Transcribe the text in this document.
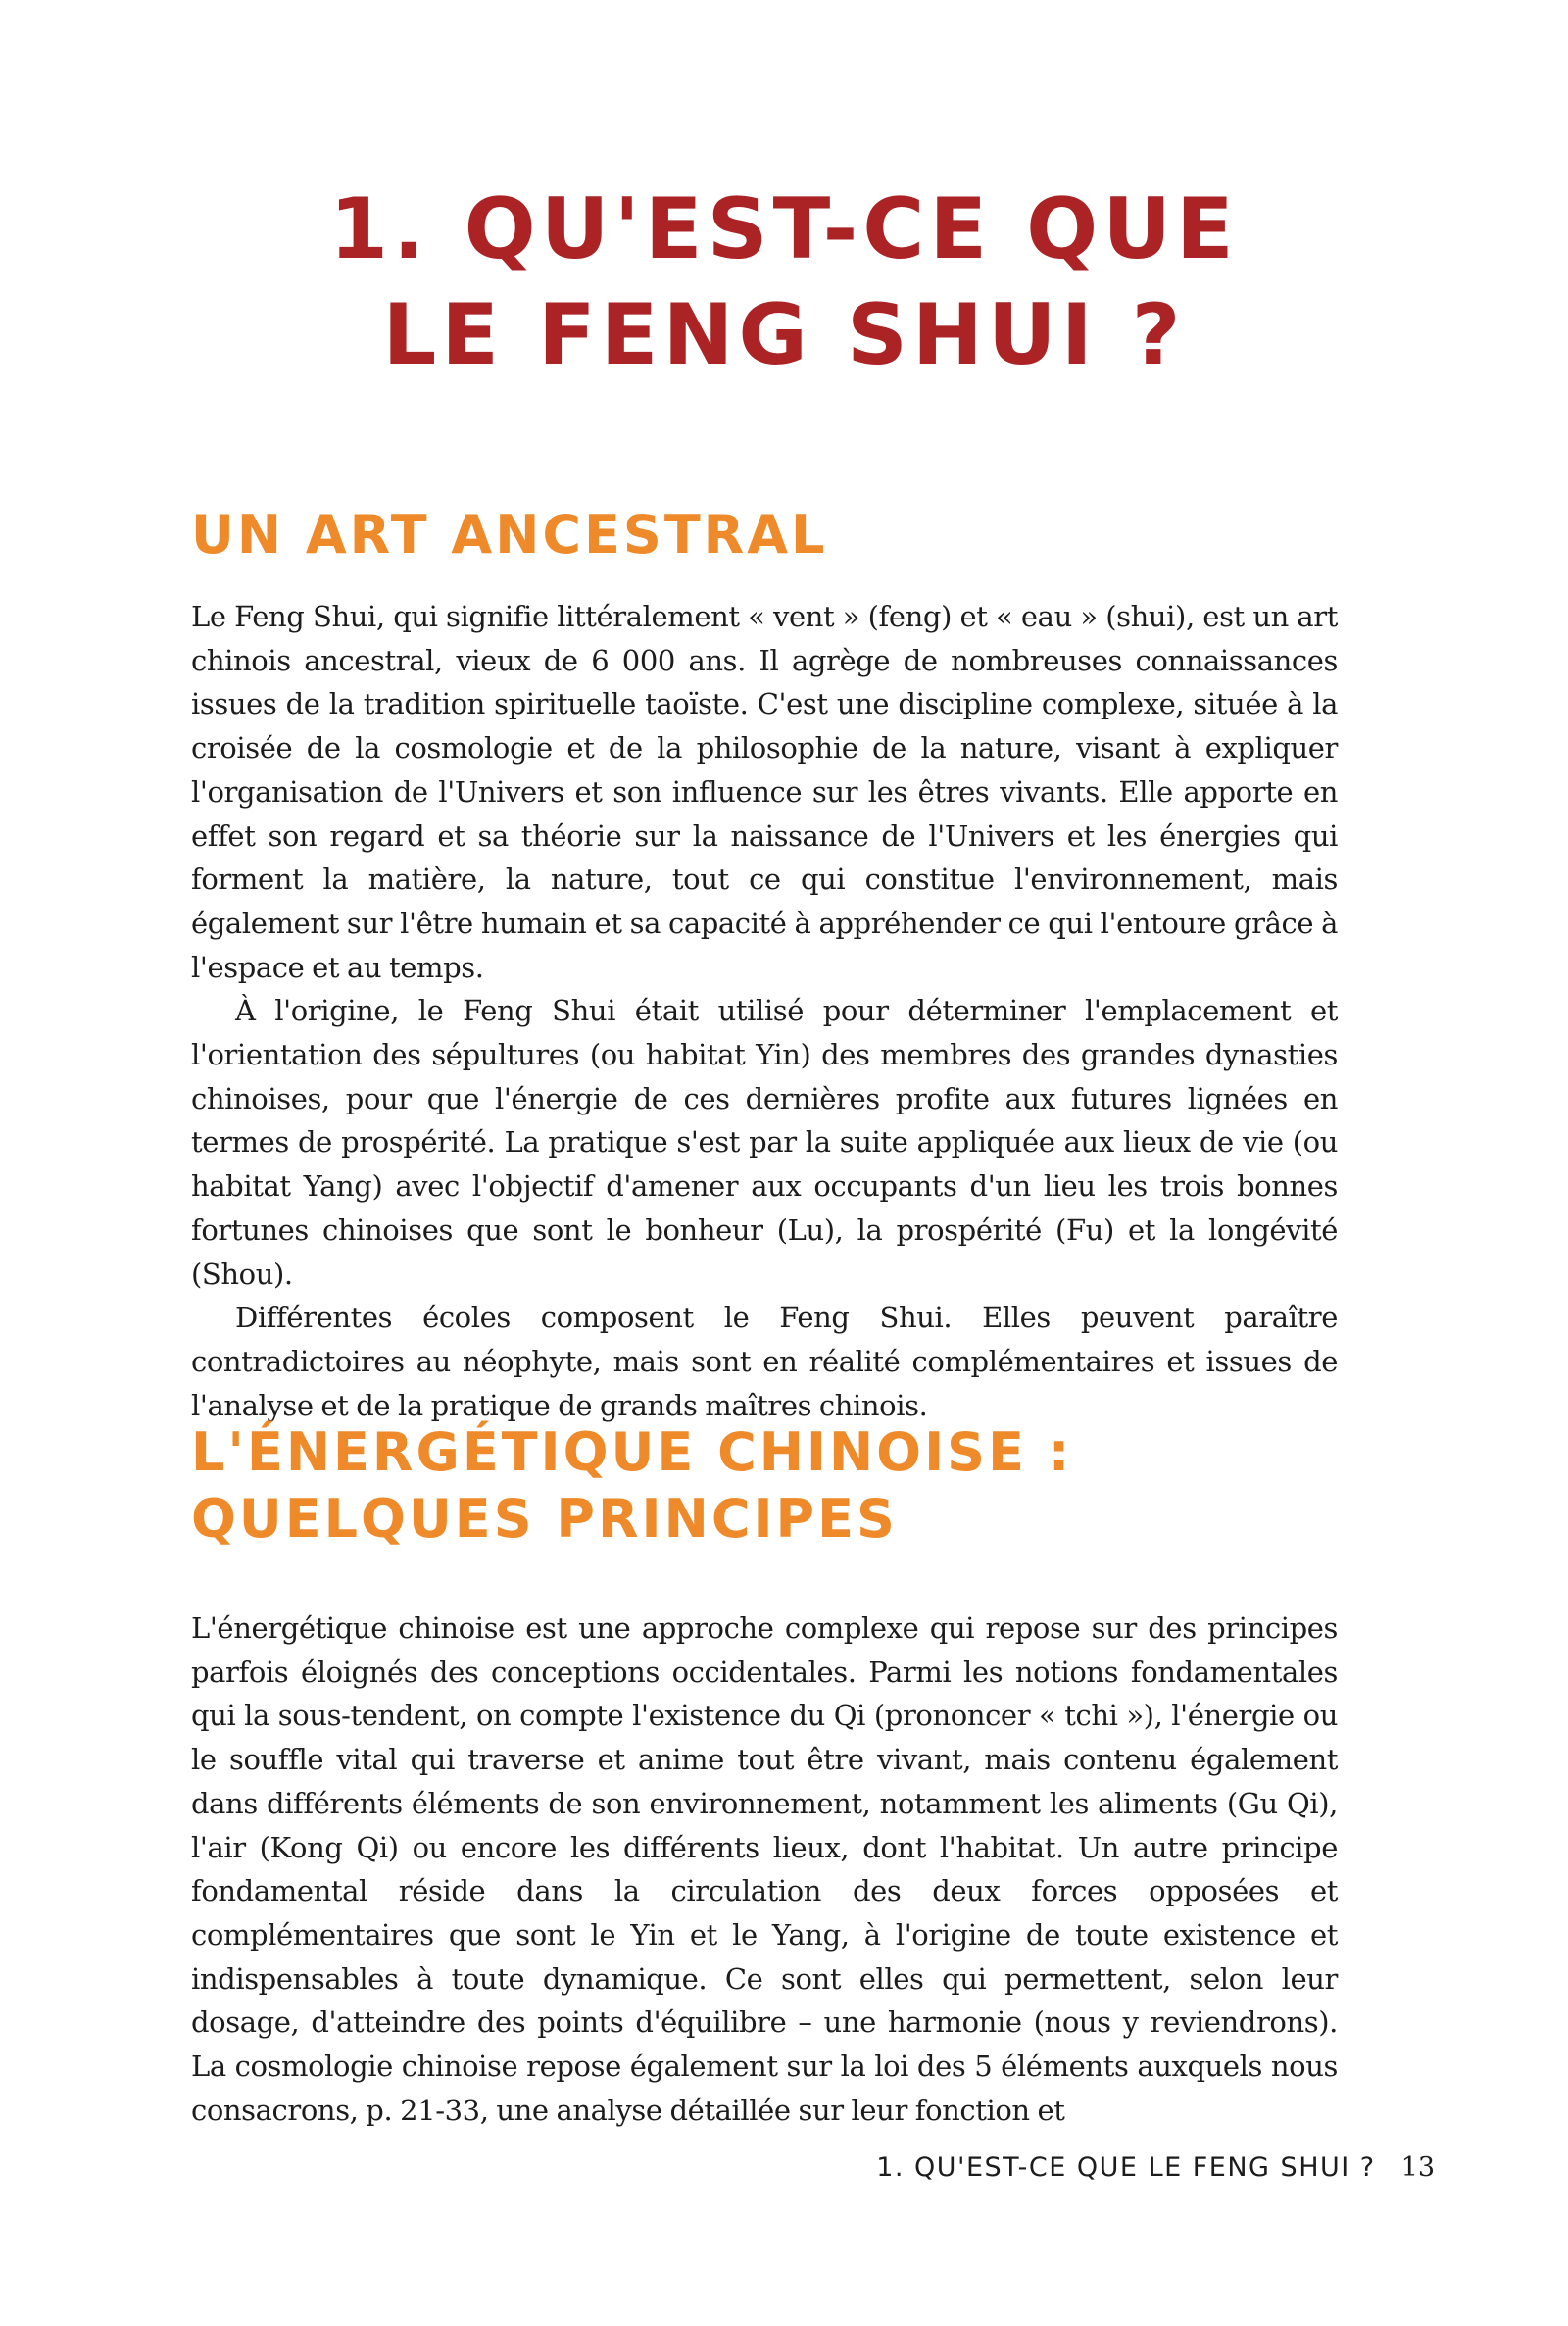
1. QU'EST-CE QUE
LE FENG SHUI ?
UN ART ANCESTRAL

Le Feng Shui, qui signifie littéralement « vent » (feng) et « eau » (shui), est un art chinois ancestral, vieux de 6 000 ans. Il agrège de nombreuses connaissances issues de la tradition spirituelle taoïste. C'est une discipline complexe, située à la croisée de la cosmologie et de la philosophie de la nature, visant à expliquer l'organisation de l'Univers et son influence sur les êtres vivants. Elle apporte en effet son regard et sa théorie sur la naissance de l'Univers et les énergies qui forment la matière, la nature, tout ce qui constitue l'environnement, mais également sur l'être humain et sa capacité à appréhender ce qui l'entoure grâce à l'espace et au temps.

À l'origine, le Feng Shui était utilisé pour déterminer l'emplacement et l'orientation des sépultures (ou habitat Yin) des membres des grandes dynasties chinoises, pour que l'énergie de ces dernières profite aux futures lignées en termes de prospérité. La pratique s'est par la suite appliquée aux lieux de vie (ou habitat Yang) avec l'objectif d'amener aux occupants d'un lieu les trois bonnes fortunes chinoises que sont le bonheur (Lu), la prospérité (Fu) et la longévité (Shou).

Différentes écoles composent le Feng Shui. Elles peuvent paraître contradictoires au néophyte, mais sont en réalité complémentaires et issues de l'analyse et de la pratique de grands maîtres chinois.

L'ÉNERGÉTIQUE CHINOISE :
QUELQUES PRINCIPES

L'énergétique chinoise est une approche complexe qui repose sur des principes parfois éloignés des conceptions occidentales. Parmi les notions fondamentales qui la sous-tendent, on compte l'existence du Qi (prononcer « tchi »), l'énergie ou le souffle vital qui traverse et anime tout être vivant, mais contenu également dans différents éléments de son environnement, notamment les aliments (Gu Qi), l'air (Kong Qi) ou encore les différents lieux, dont l'habitat. Un autre principe fondamental réside dans la circulation des deux forces opposées et complémentaires que sont le Yin et le Yang, à l'origine de toute existence et indispensables à toute dynamique. Ce sont elles qui permettent, selon leur dosage, d'atteindre des points d'équilibre – une harmonie (nous y reviendrons). La cosmologie chinoise repose également sur la loi des 5 éléments auxquels nous consacrons, p. 21-33, une analyse détaillée sur leur fonction et

1. QU'EST-CE QUE LE FENG SHUI ? 13
